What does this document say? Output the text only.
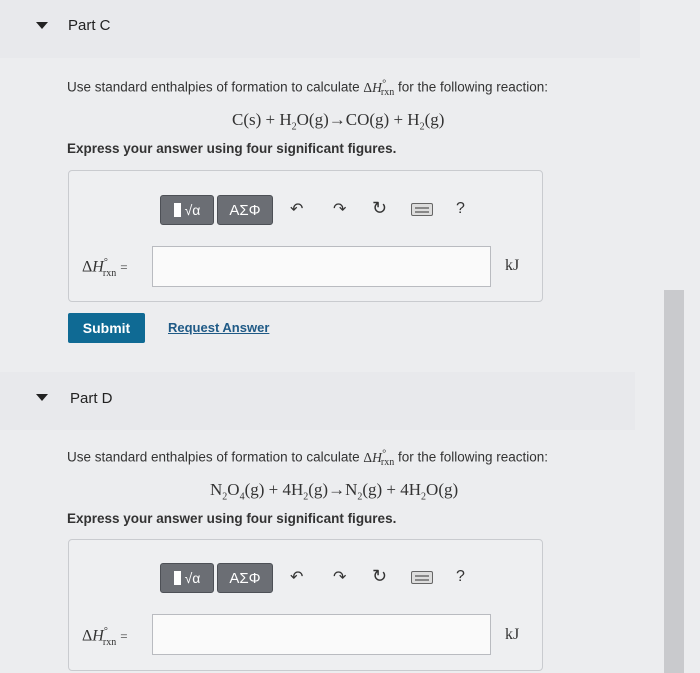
Part C
Use standard enthalpies of formation to calculate $\Delta H^\circ_{rxn}$ for the following reaction:
$C(s) + H_2O(g)\to CO(g) + H_2(g)$
Express your answer using four significant figures.
√α ΑΣΦ ↶ ↷ ↻	?
$\Delta H^\circ_{rxn}$ =	kJ
Submit	Request Answer
Part D
Use standard enthalpies of formation to calculate $\Delta H^\circ_{rxn}$ for the following reaction:
$N_2O_4(g) + 4H_2(g)\to N_2(g) + 4H_2O(g)$
Express your answer using four significant figures.
√α ΑΣΦ ↶ ↷ ↻	?
$\Delta H^\circ_{rxn}$ =	kJ
